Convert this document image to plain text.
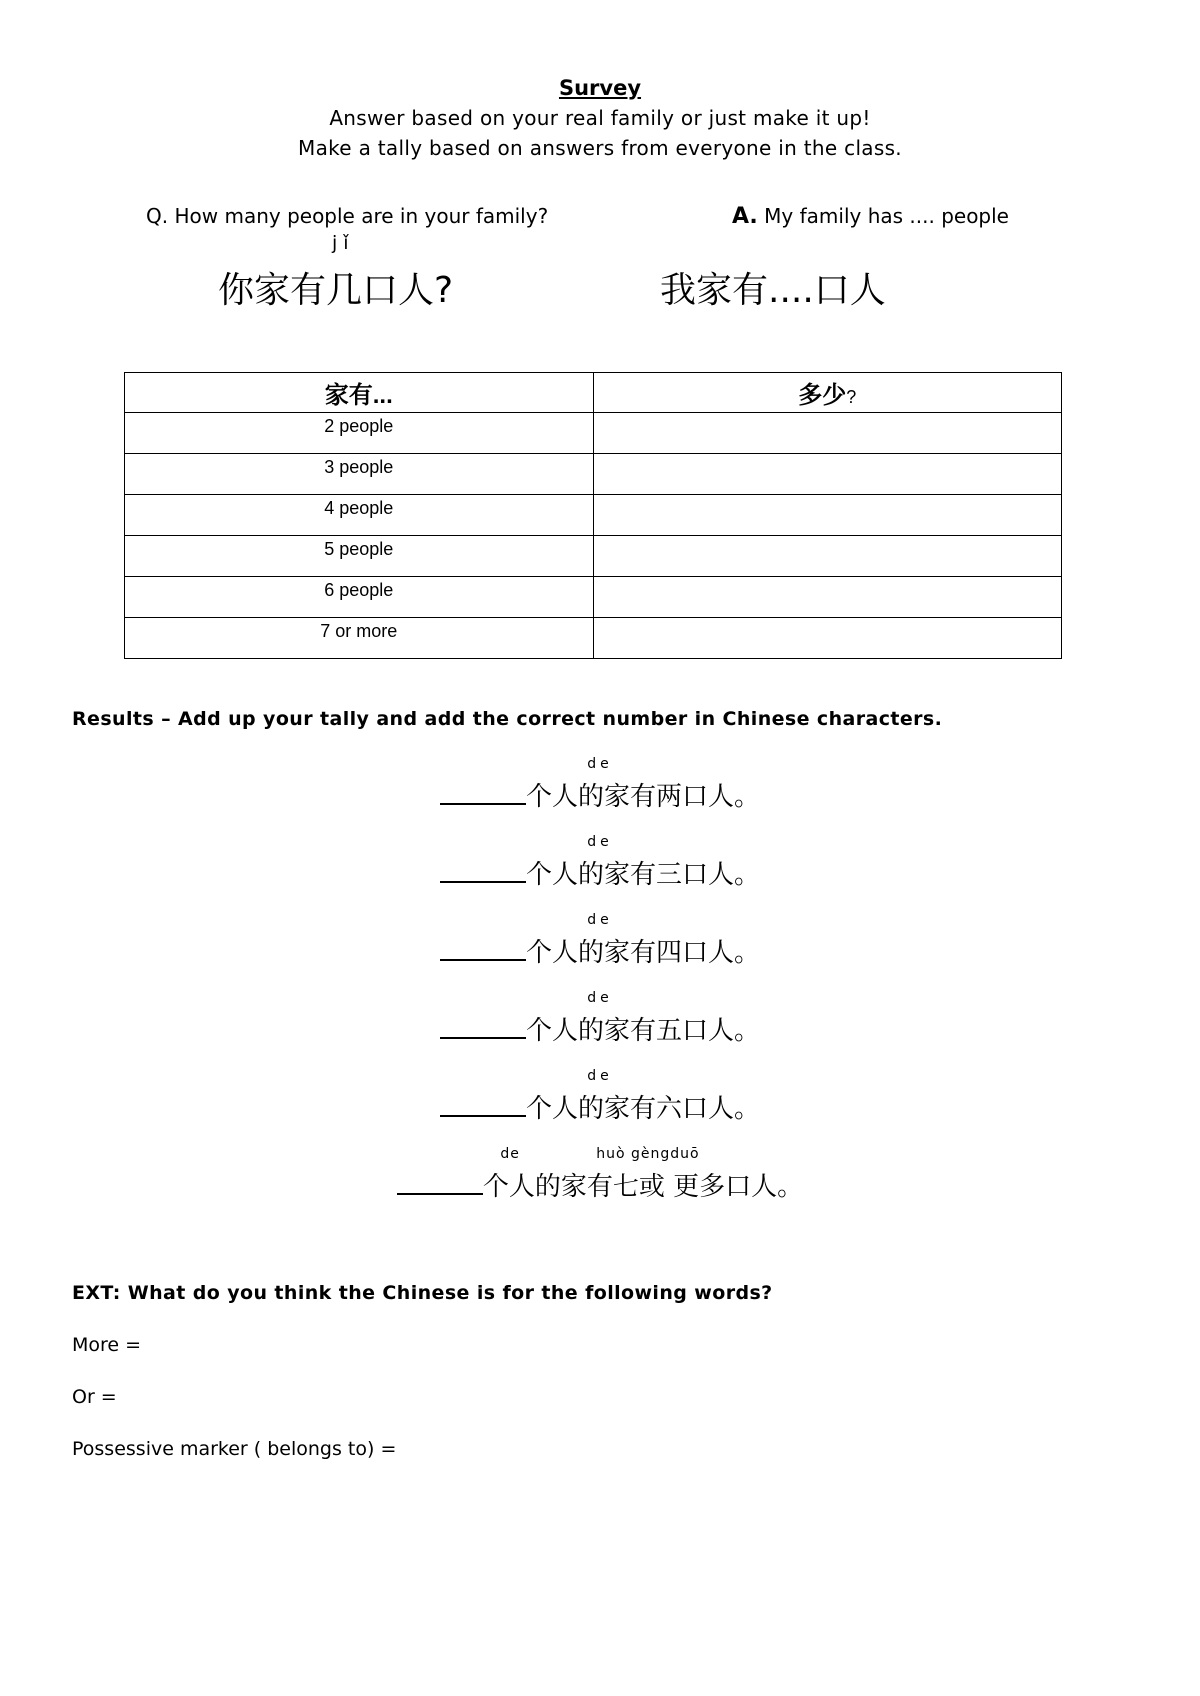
Survey
Answer based on your real family or just make it up!
Make a tally based on answers from everyone in the class.
Q. How many people are in your family?	A. My family has .... people
jǐ
你家有几口人?	我家有....口人
家有...	多少?
2 people	
3 people	
4 people	
5 people	
6 people	
7 or more	
Results – Add up your tally and add the correct number in Chinese characters.
de
个人的家有两口人。
de
个人的家有三口人。
de
个人的家有四口人。
de
个人的家有五口人。
de
个人的家有六口人。
de              huò gèngduō
个人的家有七或 更多口人。
EXT: What do you think the Chinese is for the following words?
More =
Or =
Possessive marker ( belongs to) =
